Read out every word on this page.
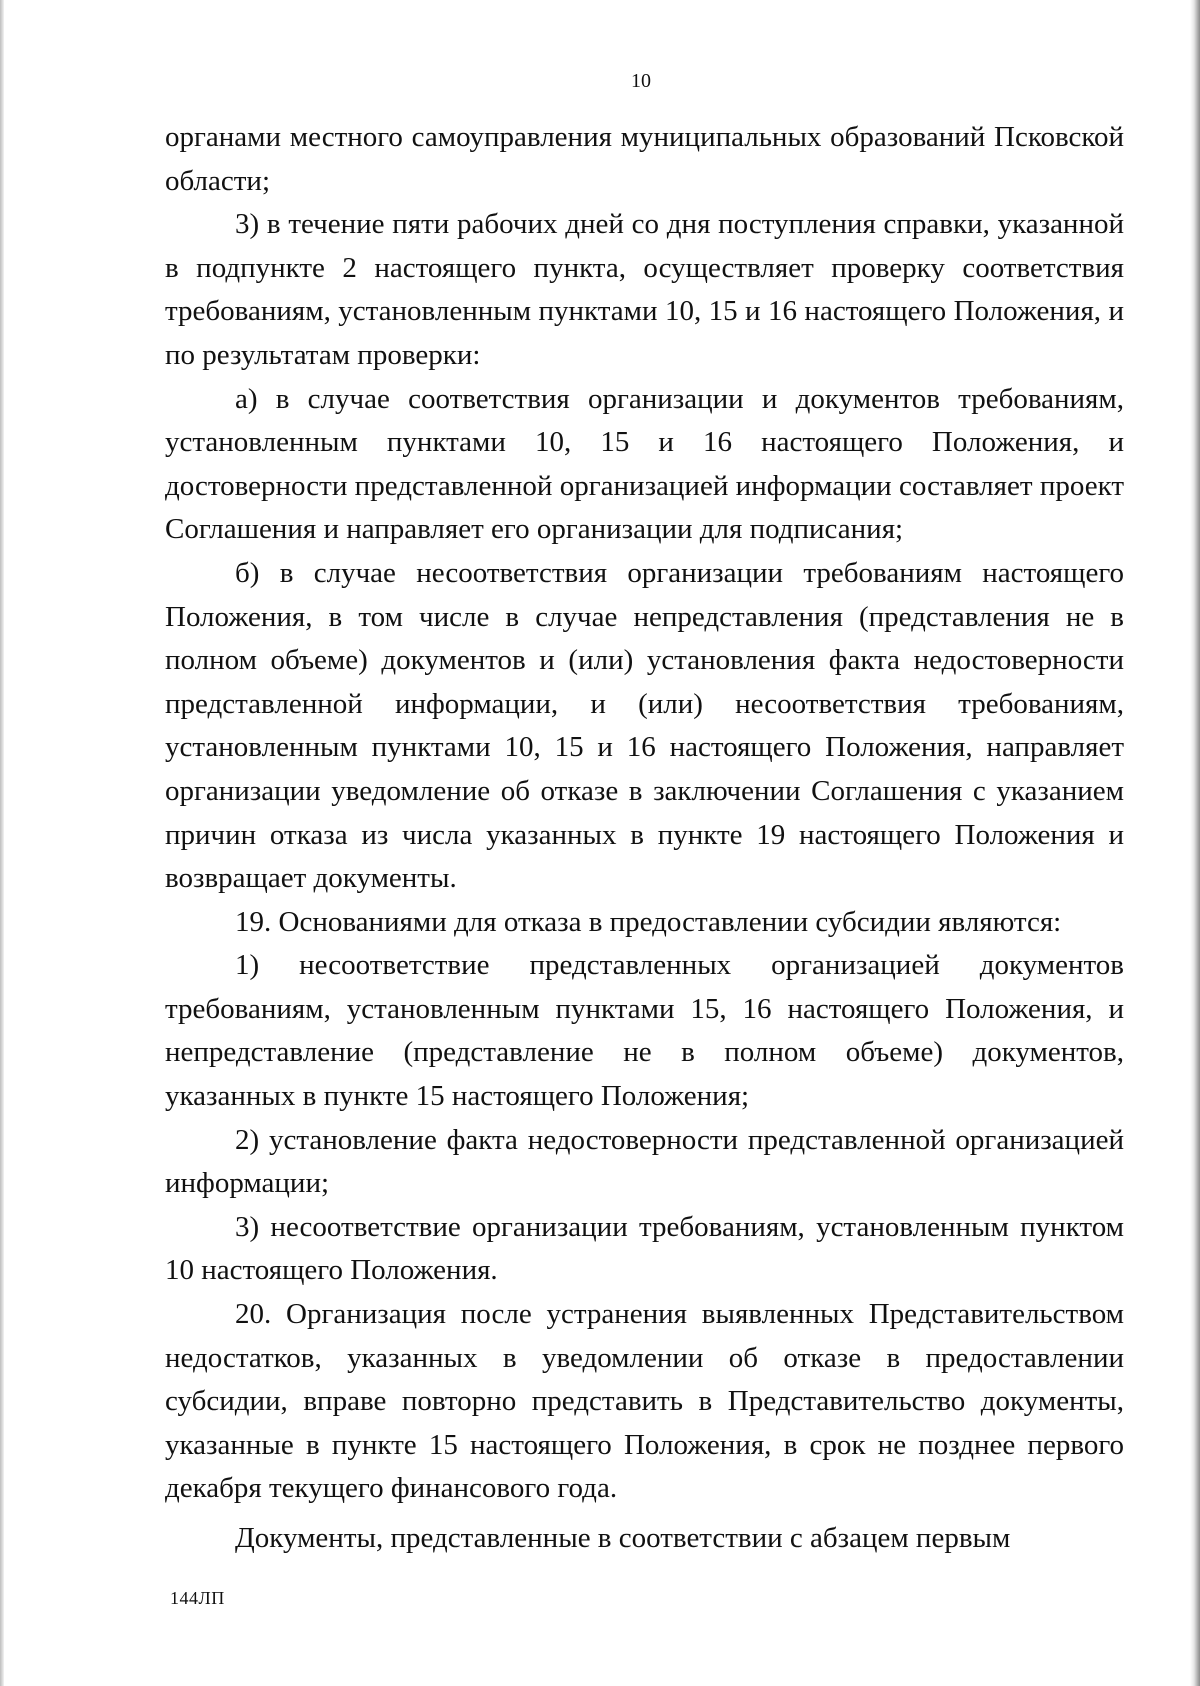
10

органами местного самоуправления муниципальных образований Псковской области;

3) в течение пяти рабочих дней со дня поступления справки, указанной в подпункте 2 настоящего пункта, осуществляет проверку соответствия требованиям, установленным пунктами 10, 15 и 16 настоящего Положения, и по результатам проверки:

а) в случае соответствия организации и документов требованиям, установленным пунктами 10, 15 и 16 настоящего Положения, и достоверности представленной организацией информации составляет проект Соглашения и направляет его организации для подписания;

б) в случае несоответствия организации требованиям настоящего Положения, в том числе в случае непредставления (представления не в полном объеме) документов и (или) установления факта недостоверности представленной информации, и (или) несоответствия требованиям, установленным пунктами 10, 15 и 16 настоящего Положения, направляет организации уведомление об отказе в заключении Соглашения с указанием причин отказа из числа указанных в пункте 19 настоящего Положения и возвращает документы.

19. Основаниями для отказа в предоставлении субсидии являются:

1) несоответствие представленных организацией документов требованиям, установленным пунктами 15, 16 настоящего Положения, и непредставление (представление не в полном объеме) документов, указанных в пункте 15 настоящего Положения;

2) установление факта недостоверности представленной организацией информации;

3) несоответствие организации требованиям, установленным пунктом 10 настоящего Положения.

20. Организация после устранения выявленных Представительством недостатков, указанных в уведомлении об отказе в предоставлении субсидии, вправе повторно представить в Представительство документы, указанные в пункте 15 настоящего Положения, в срок не позднее первого декабря текущего финансового года.

Документы, представленные в соответствии с абзацем первым

144ЛП
